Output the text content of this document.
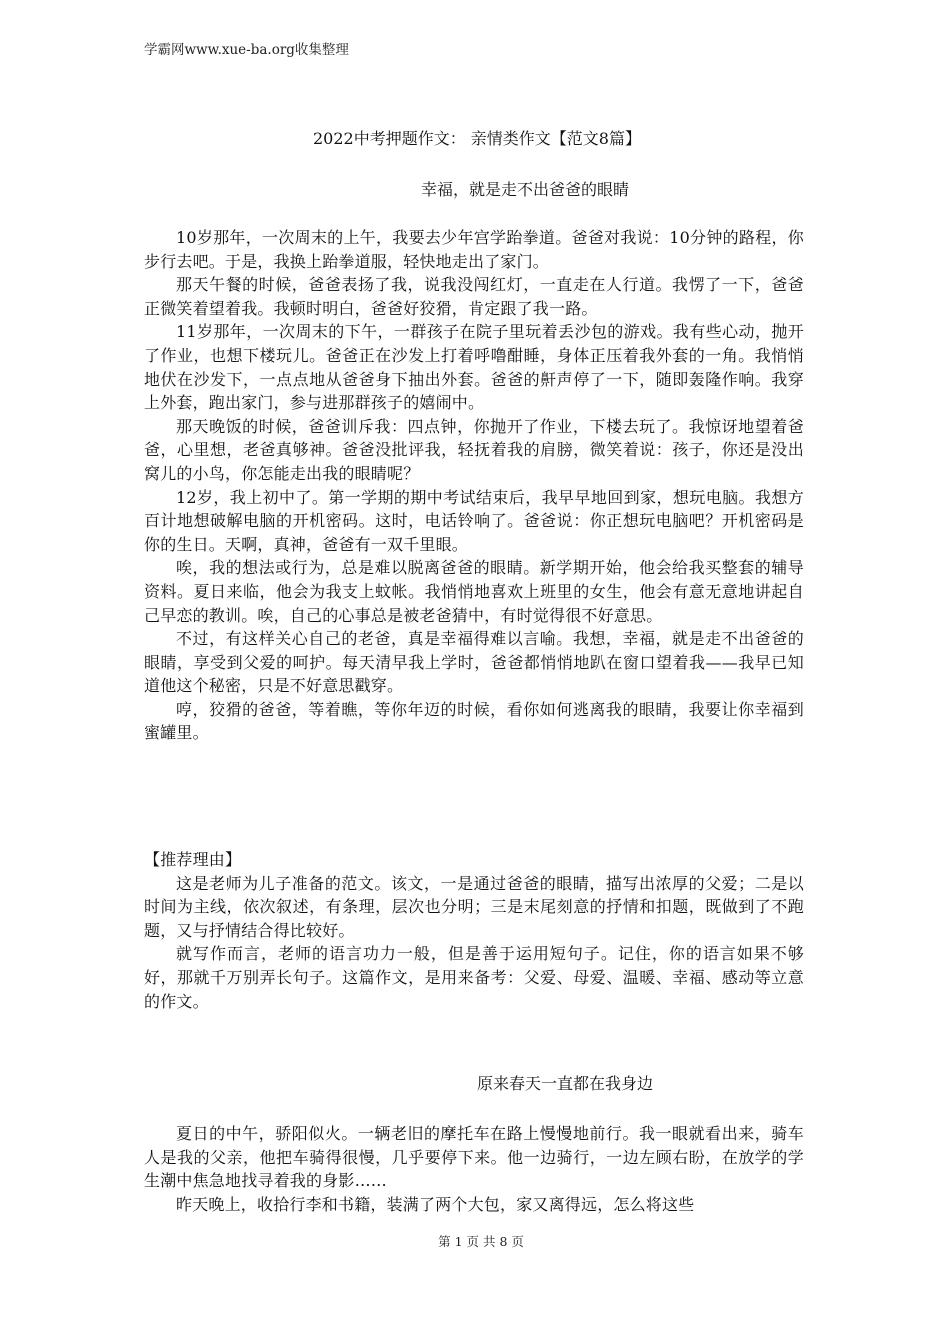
学霸网www.xue-ba.org收集整理
2022中考押题作文： 亲情类作文【范文8篇】
幸福，就是走不出爸爸的眼睛

10岁那年，一次周末的上午，我要去少年宫学跆拳道。爸爸对我说：10分钟的路程，你步行去吧。于是，我换上跆拳道服，轻快地走出了家门。

那天午餐的时候，爸爸表扬了我，说我没闯红灯，一直走在人行道。我愣了一下，爸爸正微笑着望着我。我顿时明白，爸爸好狡猾，肯定跟了我一路。

11岁那年，一次周末的下午，一群孩子在院子里玩着丢沙包的游戏。我有些心动，抛开了作业，也想下楼玩儿。爸爸正在沙发上打着呼噜酣睡，身体正压着我外套的一角。我悄悄地伏在沙发下，一点点地从爸爸身下抽出外套。爸爸的鼾声停了一下，随即轰隆作响。我穿上外套，跑出家门，参与进那群孩子的嬉闹中。

那天晚饭的时候，爸爸训斥我：四点钟，你抛开了作业，下楼去玩了。我惊讶地望着爸爸，心里想，老爸真够神。爸爸没批评我，轻抚着我的肩膀，微笑着说：孩子，你还是没出窝儿的小鸟，你怎能走出我的眼睛呢？

12岁，我上初中了。第一学期的期中考试结束后，我早早地回到家，想玩电脑。我想方百计地想破解电脑的开机密码。这时，电话铃响了。爸爸说：你正想玩电脑吧？开机密码是你的生日。天啊，真神，爸爸有一双千里眼。

唉，我的想法或行为，总是难以脱离爸爸的眼睛。新学期开始，他会给我买整套的辅导资料。夏日来临，他会为我支上蚊帐。我悄悄地喜欢上班里的女生，他会有意无意地讲起自己早恋的教训。唉，自己的心事总是被老爸猜中，有时觉得很不好意思。

不过，有这样关心自己的老爸，真是幸福得难以言喻。我想，幸福，就是走不出爸爸的眼睛，享受到父爱的呵护。每天清早我上学时，爸爸都悄悄地趴在窗口望着我——我早已知道他这个秘密，只是不好意思戳穿。

哼，狡猾的爸爸，等着瞧，等你年迈的时候，看你如何逃离我的眼睛，我要让你幸福到蜜罐里。

【推荐理由】

这是老师为儿子准备的范文。该文，一是通过爸爸的眼睛，描写出浓厚的父爱；二是以时间为主线，依次叙述，有条理，层次也分明；三是末尾刻意的抒情和扣题，既做到了不跑题，又与抒情结合得比较好。

就写作而言，老师的语言功力一般，但是善于运用短句子。记住，你的语言如果不够好，那就千万别弄长句子。这篇作文，是用来备考：父爱、母爱、温暖、幸福、感动等立意的作文。

原来春天一直都在我身边

夏日的中午，骄阳似火。一辆老旧的摩托车在路上慢慢地前行。我一眼就看出来，骑车人是我的父亲，他把车骑得很慢，几乎要停下来。他一边骑行，一边左顾右盼，在放学的学生潮中焦急地找寻着我的身影……

昨天晚上，收拾行李和书籍，装满了两个大包，家又离得远，怎么将这些

第 1 页 共 8 页
